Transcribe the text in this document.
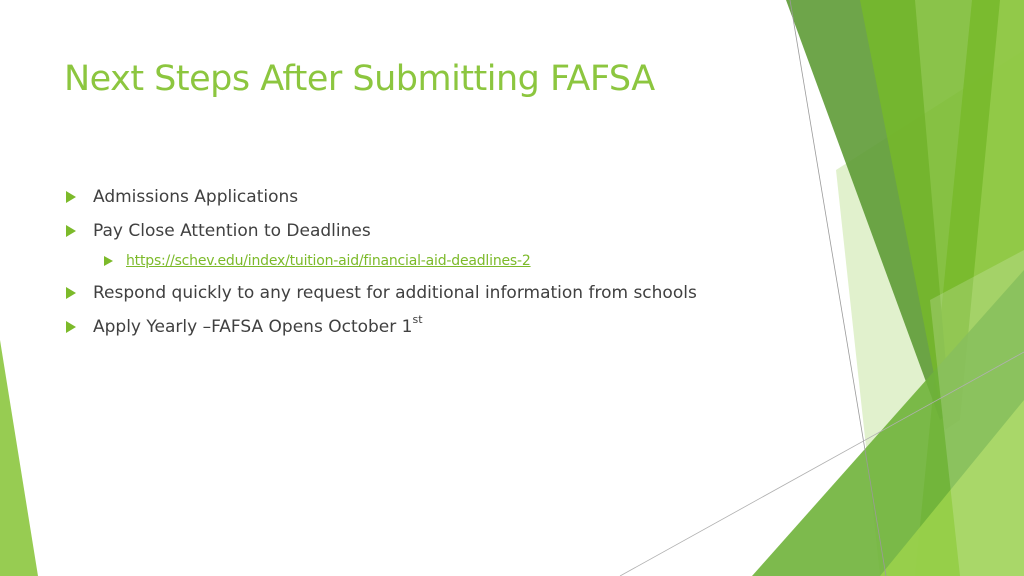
Next Steps After Submitting FAFSA
Admissions Applications
Pay Close Attention to Deadlines
https://schev.edu/index/tuition-aid/financial-aid-deadlines-2
Respond quickly to any request for additional information from schools
Apply Yearly –FAFSA Opens October 1st
